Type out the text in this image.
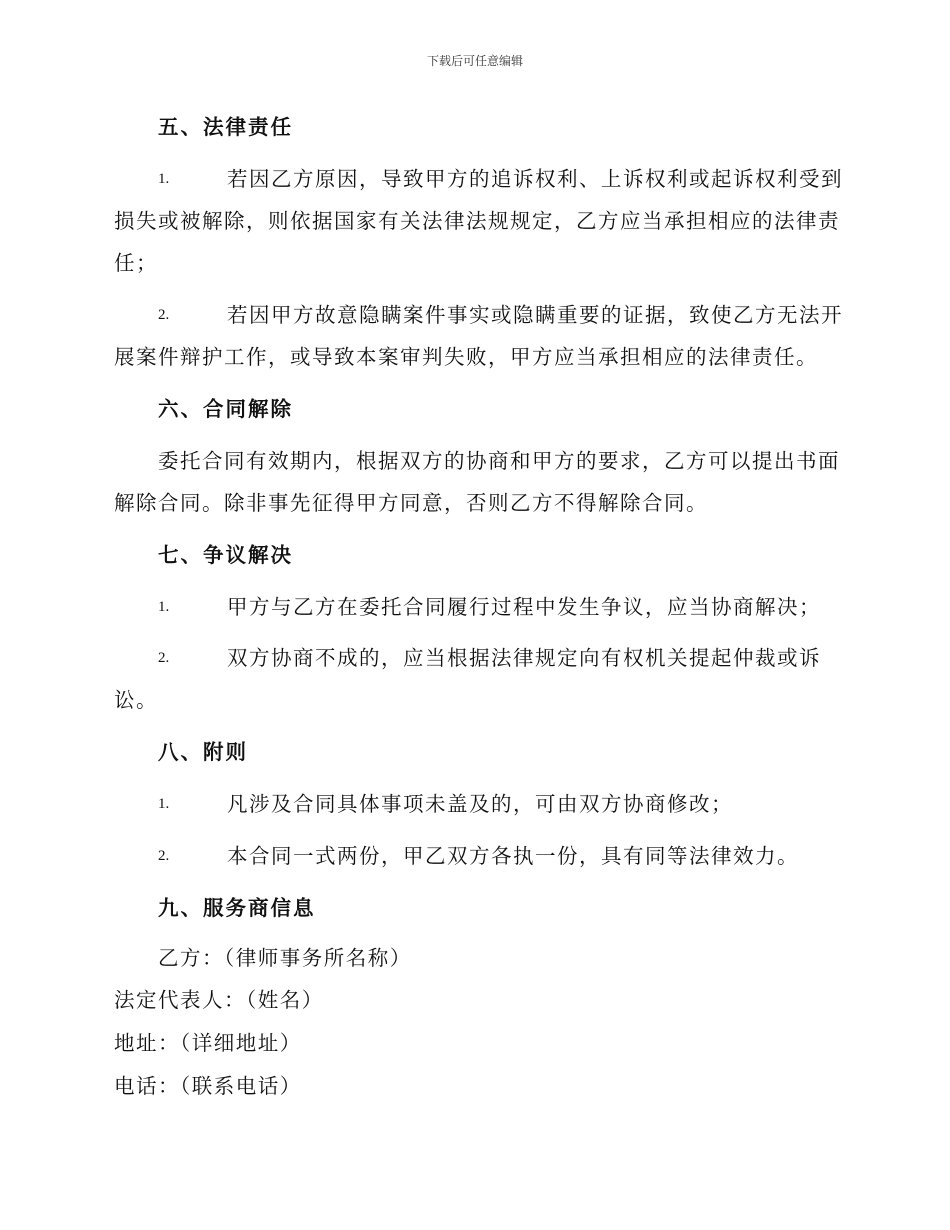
下载后可任意编辑
五、法律责任
1.	若因乙方原因，导致甲方的追诉权利、上诉权利或起诉权利受到
损失或被解除，则依据国家有关法律法规规定，乙方应当承担相应的法律责
任；
2.	若因甲方故意隐瞒案件事实或隐瞒重要的证据，致使乙方无法开
展案件辩护工作，或导致本案审判失败，甲方应当承担相应的法律责任。
六、合同解除
委托合同有效期内，根据双方的协商和甲方的要求，乙方可以提出书面
解除合同。除非事先征得甲方同意，否则乙方不得解除合同。
七、争议解决
1.	甲方与乙方在委托合同履行过程中发生争议，应当协商解决；
2.	双方协商不成的，应当根据法律规定向有权机关提起仲裁或诉
讼。
八、附则
1.	凡涉及合同具体事项未盖及的，可由双方协商修改；
2.	本合同一式两份，甲乙双方各执一份，具有同等法律效力。
九、服务商信息
乙方：（律师事务所名称）
法定代表人：（姓名）
地址：（详细地址）
电话：（联系电话）
